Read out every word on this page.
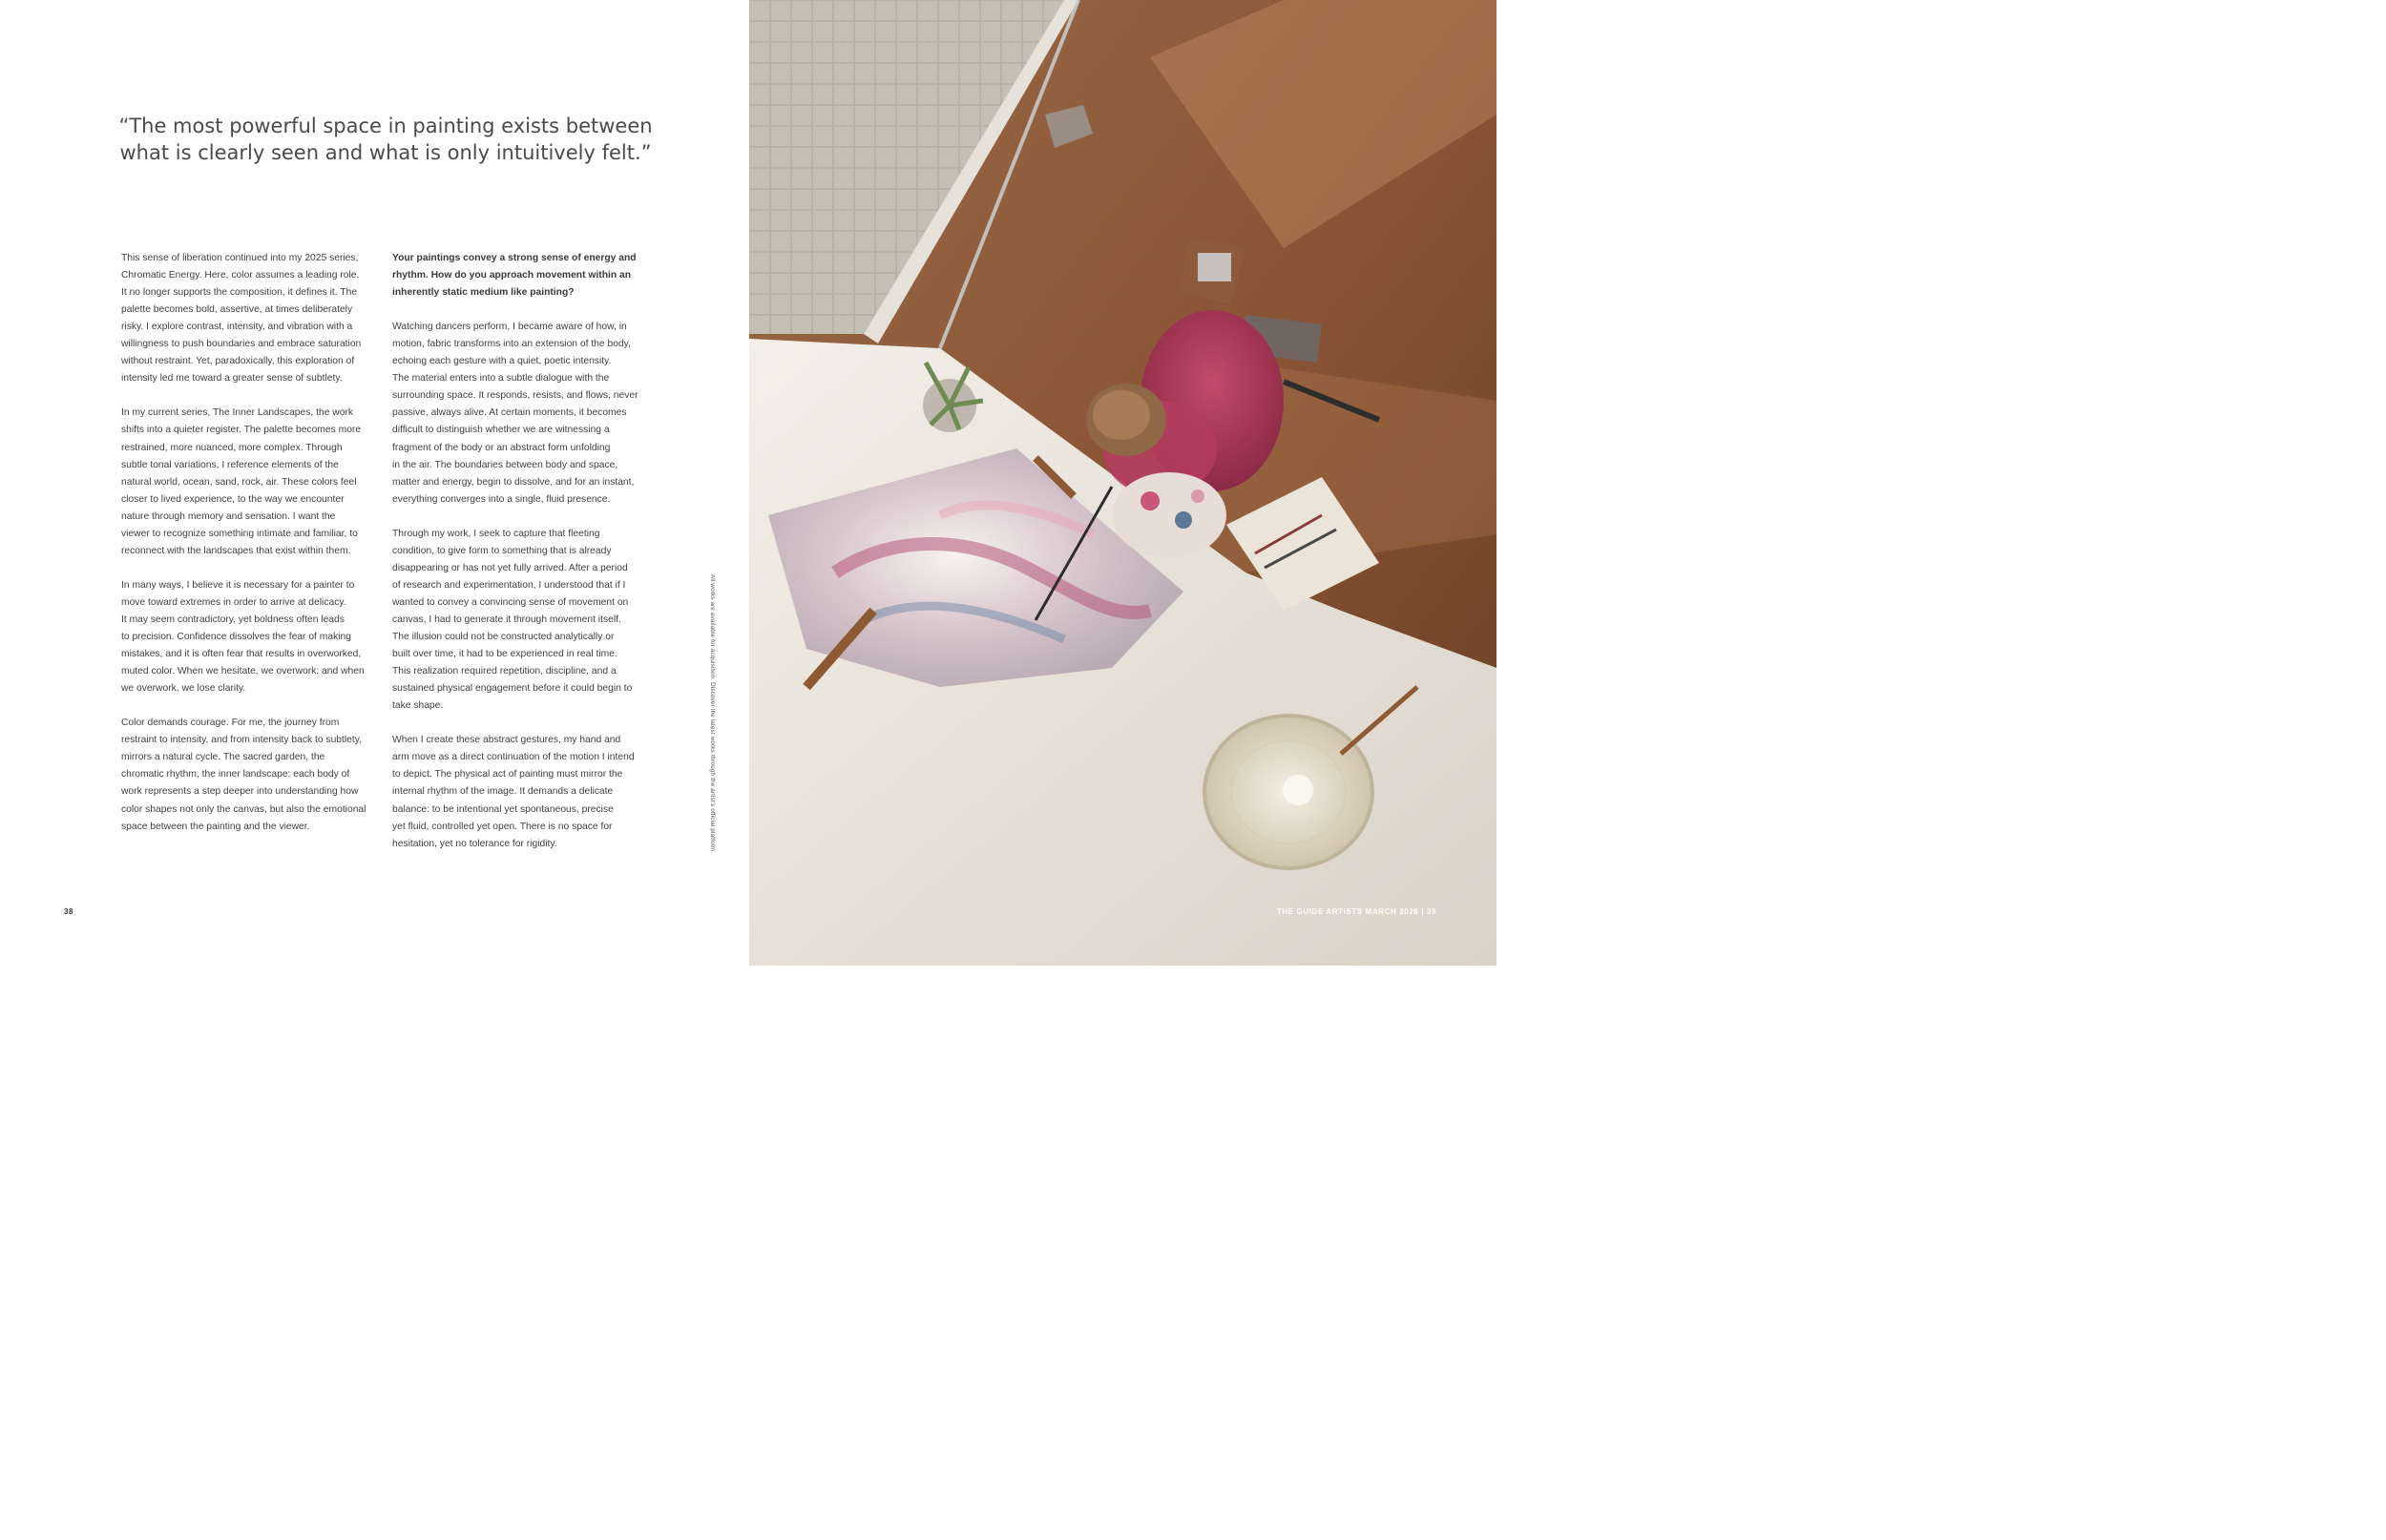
“The most powerful space in painting exists between
what is clearly seen and what is only intuitively felt.”

This sense of liberation continued into my 2025 series,
Chromatic Energy. Here, color assumes a leading role.
It no longer supports the composition, it defines it. The
palette becomes bold, assertive, at times deliberately
risky. I explore contrast, intensity, and vibration with a
willingness to push boundaries and embrace saturation
without restraint. Yet, paradoxically, this exploration of
intensity led me toward a greater sense of subtlety.

In my current series, The Inner Landscapes, the work
shifts into a quieter register. The palette becomes more
restrained, more nuanced, more complex. Through
subtle tonal variations, I reference elements of the
natural world, ocean, sand, rock, air. These colors feel
closer to lived experience, to the way we encounter
nature through memory and sensation. I want the
viewer to recognize something intimate and familiar, to
reconnect with the landscapes that exist within them.

In many ways, I believe it is necessary for a painter to
move toward extremes in order to arrive at delicacy.
It may seem contradictory, yet boldness often leads
to precision. Confidence dissolves the fear of making
mistakes, and it is often fear that results in overworked,
muted color. When we hesitate, we overwork; and when
we overwork, we lose clarity.

Color demands courage. For me, the journey from
restraint to intensity, and from intensity back to subtlety,
mirrors a natural cycle. The sacred garden, the
chromatic rhythm, the inner landscape: each body of
work represents a step deeper into understanding how
color shapes not only the canvas, but also the emotional
space between the painting and the viewer.

Your paintings convey a strong sense of energy and
rhythm. How do you approach movement within an
inherently static medium like painting?

Watching dancers perform, I became aware of how, in
motion, fabric transforms into an extension of the body,
echoing each gesture with a quiet, poetic intensity.
The material enters into a subtle dialogue with the
surrounding space. It responds, resists, and flows, never
passive, always alive. At certain moments, it becomes
difficult to distinguish whether we are witnessing a
fragment of the body or an abstract form unfolding
in the air. The boundaries between body and space,
matter and energy, begin to dissolve, and for an instant,
everything converges into a single, fluid presence.

Through my work, I seek to capture that fleeting
condition, to give form to something that is already
disappearing or has not yet fully arrived. After a period
of research and experimentation, I understood that if I
wanted to convey a convincing sense of movement on
canvas, I had to generate it through movement itself.
The illusion could not be constructed analytically or
built over time, it had to be experienced in real time.
This realization required repetition, discipline, and a
sustained physical engagement before it could begin to
take shape.

When I create these abstract gestures, my hand and
arm move as a direct continuation of the motion I intend
to depict. The physical act of painting must mirror the
internal rhythm of the image. It demands a delicate
balance: to be intentional yet spontaneous, precise
yet fluid, controlled yet open. There is no space for
hesitation, yet no tolerance for rigidity.	All works are available for acquisition. Discover the latest works through the artist's official platform.
38	THE GUIDE ARTISTS MARCH 2026 | 39
